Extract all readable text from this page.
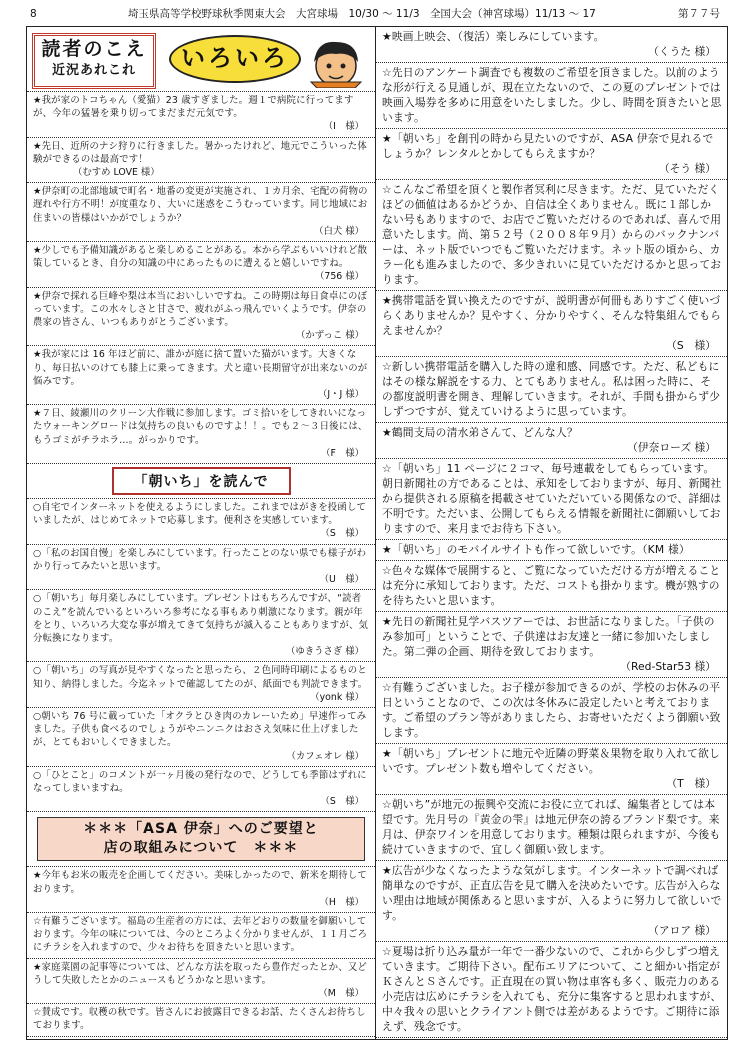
8	埼玉県高等学校野球秋季関東大会　大宮球場　10/30 〜 11/3　全国大会（神宮球場）11/13 〜 17	第７７号
読者のこえ
近況あれこれ	いろいろ
★我が家のトコちゃん（愛猫）23 歳すぎました。週１で病院に行ってますが、今年の猛暑を乗り切ってまだまだ元気です。
（I　様）
★先日、近所のナシ狩りに行きました。暑かったけれど、地元でこういった体験ができるのは最高です！
（むすめ LOVE 様）
★伊奈町の北部地域で町名・地番の変更が実施され、１カ月余、宅配の荷物の遅れや行方不明！が度重なり、大いに迷惑をこうむっています。同じ地域にお住まいの皆様はいかがでしょうか？
（白犬 様）
★少しでも予備知識があると楽しめることがある。本から学ぶもいいけれど散策しているとき、自分の知識の中にあったものに遭えると嬉しいですね。
（756 様）
★伊奈で採れる巨峰や梨は本当においしいですね。この時期は毎日食卓にのぼっています。この水々しさと甘さで、疲れがふっ飛んでいくようです。伊奈の農家の皆さん、いつもありがとうございます。
（かずっこ 様）
★我が家には 16 年ほど前に、誰かが庭に捨て置いた猫がいます。大きくなり、毎日払いのけても膝上に乗ってきます。犬と違い長期留守が出来ないのが悩みです。
（J・J 様）
★７日、綾瀬川のクリーン大作戦に参加します。ゴミ拾いをしてきれいになったウォーキングロードは気持ちの良いものですよ！！。でも２〜３日後には、もうゴミがチラホラ…。がっかりです。
（F　様）
「朝いち」を読んで
○自宅でインターネットを使えるようにしました。これまではがきを投函していましたが、はじめてネットで応募します。便利さを実感しています。
（S　様）
○「私のお国自慢」を楽しみにしています。行ったことのない県でも様子がわかり行ってみたいと思います。
（U　様）
○「朝いち」毎月楽しみにしています。プレゼントはもちろんですが、“読者のこえ”を読んでいるといろいろ参考になる事もあり刺激になります。親が年をとり、いろいろ大変な事が増えてきて気持ちが滅入ることもありますが、気分転換になります。
（ゆきうさぎ 様）
○「朝いち」の写真が見やすくなったと思ったら、２色同時印刷によるものと知り、納得しました。今迄ネットで確認してたのが、紙面でも判読できます。
（yonk 様）
○朝いち 76 号に載っていた「オクラとひき肉のカレーいため」早速作ってみました。子供も食べるのでしょうがやニンニクはおさえ気味に仕上げましたが、とてもおいしくできました。
（カフェオレ 様）
○「ひとこと」のコメントが一ヶ月後の発行なので、どうしても季節はずれになってしまいますね。
（S　様）
＊＊＊「ASA 伊奈」へのご要望と
店の取組みについて　＊＊＊
★今年もお米の販売を企画してください。美味しかったので、新米を期待しております。
（H　様）
☆有難うございます。福島の生産者の方には、去年どおりの数量を御願いしております。今年の味については、今のところよく分かりませんが、１１月ごろにチラシを入れますので、少々お待ちを頂きたいと思います。
★家庭菜園の記事等については、どんな方法を取ったら豊作だったとか、又どうして失敗したとかのニュースもどうかなと思います。
（M　様）
☆賛成です。収穫の秋です。皆さんにお披露目できるお話、たくさんお待ちしております。
★映画上映会、（復活）楽しみにしています。
（くうた 様）
☆先日のアンケート調査でも複数のご希望を頂きました。以前のような形が行える見通しが、現在立たないので、この夏のプレゼントでは映画入場券を多めに用意をいたしました。少し、時間を頂きたいと思います。
★「朝いち」を創刊の時から見たいのですが、ASA 伊奈で見れるでしょうか？レンタルとかしてもらえますか？
（そう 様）
☆こんなご希望を頂くと製作者冥利に尽きます。ただ、見ていただくほどの価値はあるかどうか、自信は全くありません。既に１部しかない号もありますので、お店でご覧いただけるのであれば、喜んで用意いたします。尚、第５２号（２００８年９月）からのバックナンバーは、ネット版でいつでもご覧いただけます。ネット版の頃から、カラー化も進みましたので、多少きれいに見ていただけるかと思っております。
★携帯電話を買い換えたのですが、説明書が何冊もありすごく使いづらくありませんか？見やすく、分かりやすく、そんな特集組んでもらえませんか？
（S　様）
☆新しい携帯電話を購入した時の違和感、同感です。ただ、私どもにはその様な解説をする力、とてもありません。私は困った時に、その都度説明書を開き、理解していきます。それが、手間も掛からず少しずつですが、覚えていけるように思っています。
★鶴間支局の清水弟さんて、どんな人？
（伊奈ローズ 様）
☆「朝いち」11 ページに２コマ、毎号連載をしてもらっています。朝日新聞社の方であることは、承知をしておりますが、毎月、新聞社から提供される原稿を掲載させていただいている関係なので、詳細は不明です。ただいま、公開してもらえる情報を新聞社に御願いしておりますので、来月までお待ち下さい。
★「朝いち」のモバイルサイトも作って欲しいです。（KM 様）
☆色々な媒体で展開すると、ご覧になっていただける方が増えることは充分に承知しております。ただ、コストも掛かります。機が熟すのを待ちたいと思います。
★先日の新聞社見学バスツアーでは、お世話になりました。「子供のみ参加可」ということで、子供達はお友達と一緒に参加いたしました。第二弾の企画、期待を致しております。
（Red-Star53 様）
☆有難うございました。お子様が参加できるのが、学校のお休みの平日ということなので、この次は冬休みに設定したいと考えております。ご希望のプラン等がありましたら、お寄せいただくよう御願い致します。
★「朝いち」プレゼントに地元や近隣の野菜＆果物を取り入れて欲しいです。プレゼント数も増やしてください。
（T　様）
☆朝いち”が地元の振興や交流にお役に立てれば、編集者としては本望です。先月号の『黄金の雫』は地元伊奈の誇るブランド梨です。来月は、伊奈ワインを用意しております。種類は限られますが、今後も続けていきますので、宜しく御願い致します。
★広告が少なくなったような気がします。インターネットで調べれば簡単なのですが、正直広告を見て購入を決めたいです。広告が入らない理由は地域が関係あると思いますが、入るように努力して欲しいです。
（アロア 様）
☆夏場は折り込み量が一年で一番少ないので、これから少しずつ増えていきます。ご期待下さい。配布エリアについて、こと細かい指定がＫさんとＳさんです。正直現在の買い物は車客も多く、販売力のある小売店は広めにチラシを入れても、充分に集客すると思われますが、中々我々の思いとクライアント側では差があるようです。ご期待に添えず、残念です。
